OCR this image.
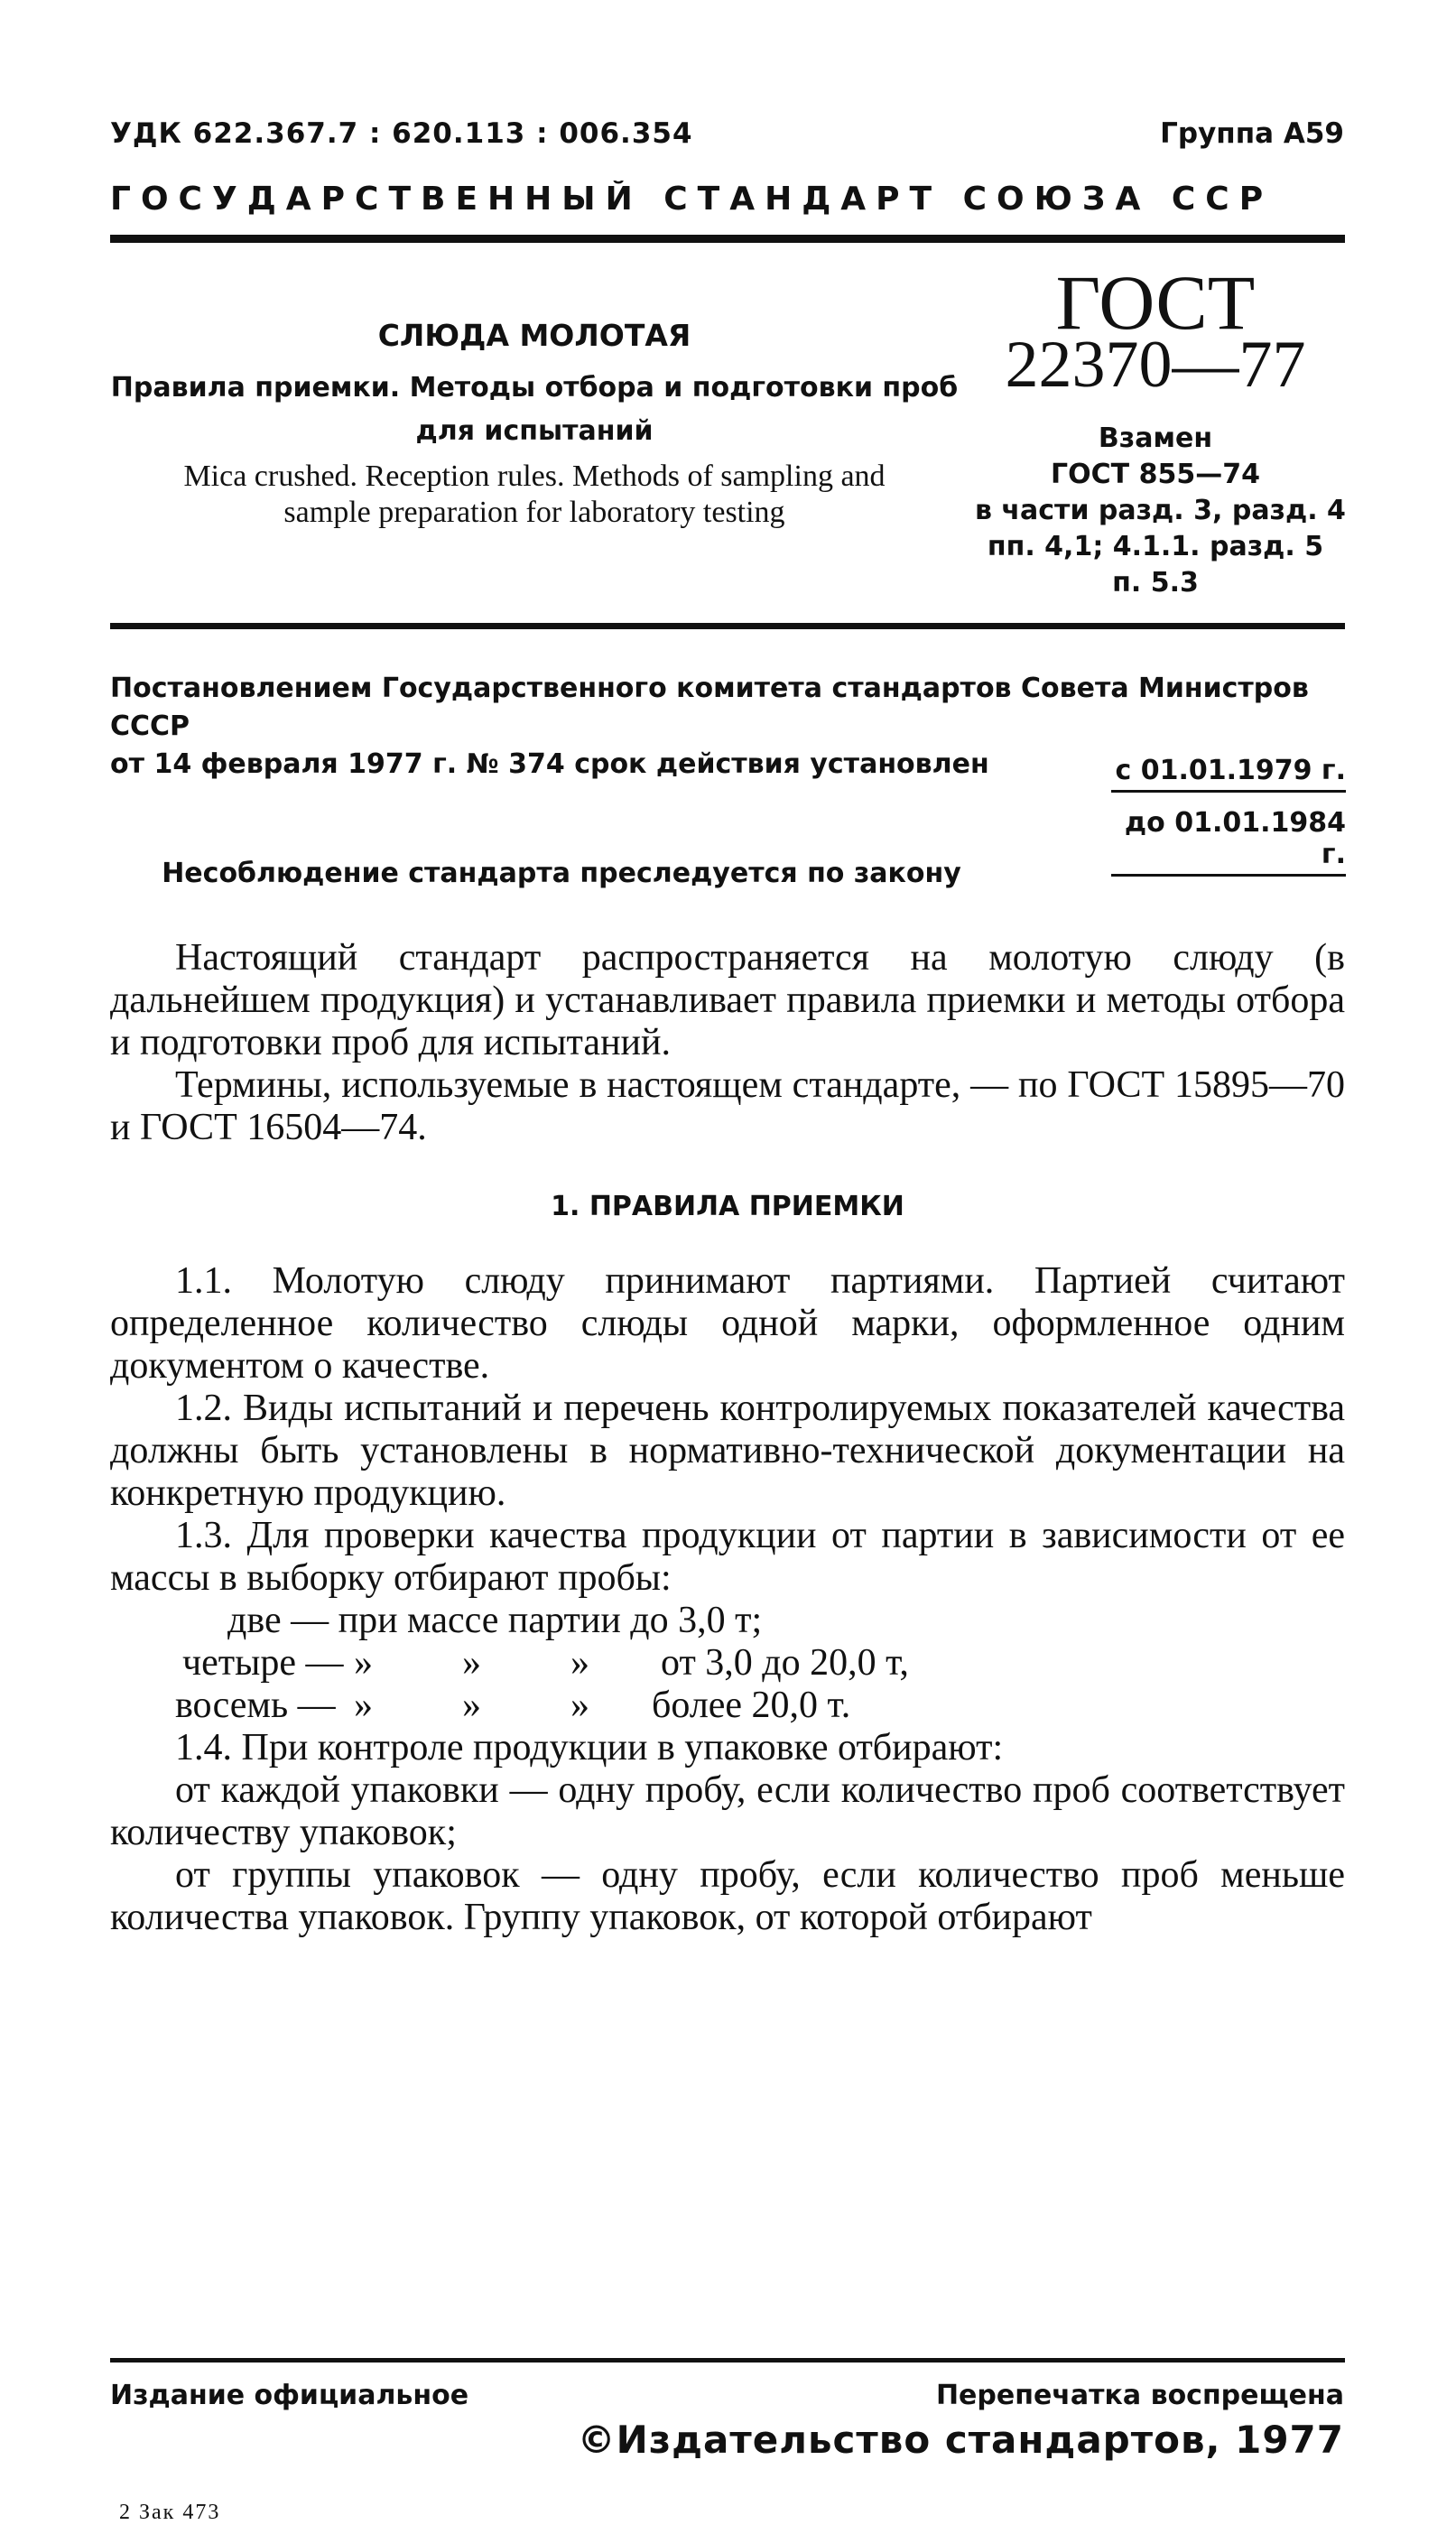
УДК 622.367.7 : 620.113 : 006.354	Группа А59
ГОСУДАРСТВЕННЫЙ СТАНДАРТ СОЮЗА ССР
СЛЮДА МОЛОТАЯ
Правила приемки. Методы отбора и подготовки проб
для испытаний
Mica crushed. Reception rules. Methods of sampling and
sample preparation for laboratory testing
ГОСТ
22370—77
Взамен
ГОСТ 855—74
в части разд. 3, разд. 4
пп. 4,1; 4.1.1. разд. 5
п. 5.3
Постановлением Государственного комитета стандартов Совета Министров СССР
от 14 февраля 1977 г. № 374 срок действия установлен	с 01.01.1979 г.
до 01.01.1984 г.
Несоблюдение стандарта преследуется по закону

Настоящий стандарт распространяется на молотую слюду (в дальнейшем продукция) и устанавливает правила приемки и методы отбора и подготовки проб для испытаний.

Термины, используемые в настоящем стандарте, — по ГОСТ 15895—70 и ГОСТ 16504—74.

1. ПРАВИЛА ПРИЕМКИ

1.1. Молотую слюду принимают партиями. Партией считают определенное количество слюды одной марки, оформленное одним документом о качестве.

1.2. Виды испытаний и перечень контролируемых показателей качества должны быть установлены в нормативно-технической документации на конкретную продукцию.

1.3. Для проверки качества продукции от партии в зависимости от ее массы в выборку отбирают пробы:

две — при массе партии до 3,0 т;

четыре — »	»	»	от 3,0 до 20,0 т,
восемь — »	»	»	более 20,0 т.

1.4. При контроле продукции в упаковке отбирают:

от каждой упаковки — одну пробу, если количество проб соответствует количеству упаковок;

от группы упаковок — одну пробу, если количество проб меньше количества упаковок. Группу упаковок, от которой отбирают

Издание официальное	Перепечатка воспрещена
©Издательство стандартов, 1977
2 Зак 473
